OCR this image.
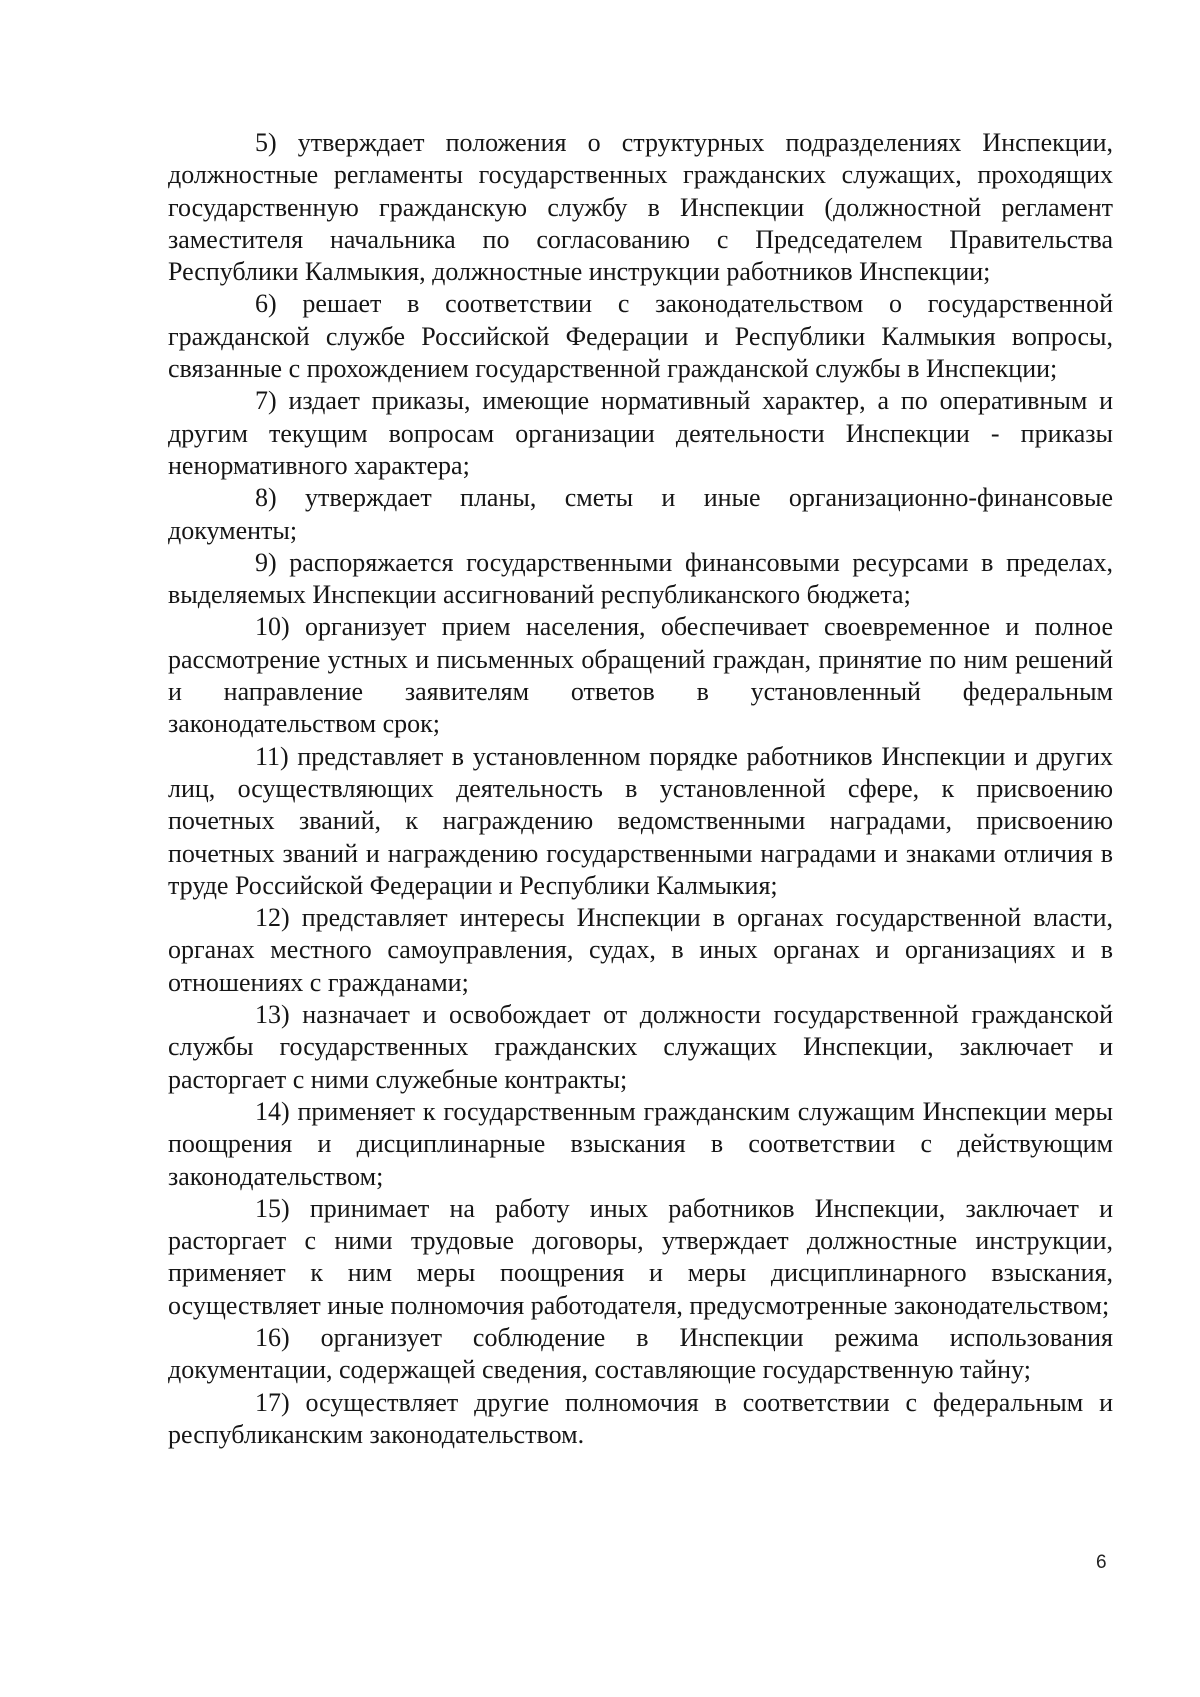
5) утверждает положения о структурных подразделениях Инспекции, должностные регламенты государственных гражданских служащих, проходящих государственную гражданскую службу в Инспекции (должностной регламент заместителя начальника по согласованию с Председателем Правительства Республики Калмыкия, должностные инструкции работников Инспекции;

6) решает в соответствии с законодательством о государственной гражданской службе Российской Федерации и Республики Калмыкия вопросы, связанные с прохождением государственной гражданской службы в Инспекции;

7) издает приказы, имеющие нормативный характер, а по оперативным и другим текущим вопросам организации деятельности Инспекции - приказы ненормативного характера;

8) утверждает планы, сметы и иные организационно-финансовые документы;

9) распоряжается государственными финансовыми ресурсами в пределах, выделяемых Инспекции ассигнований республиканского бюджета;

10) организует прием населения, обеспечивает своевременное и полное рассмотрение устных и письменных обращений граждан, принятие по ним решений и направление заявителям ответов в установленный федеральным законодательством срок;

11) представляет в установленном порядке работников Инспекции и других лиц, осуществляющих деятельность в установленной сфере, к присвоению почетных званий, к награждению ведомственными наградами, присвоению почетных званий и награждению государственными наградами и знаками отличия в труде Российской Федерации и Республики Калмыкия;

12) представляет интересы Инспекции в органах государственной власти, органах местного самоуправления, судах, в иных органах и организациях и в отношениях с гражданами;

13) назначает и освобождает от должности государственной гражданской службы государственных гражданских служащих Инспекции, заключает и расторгает с ними служебные контракты;

14) применяет к государственным гражданским служащим Инспекции меры поощрения и дисциплинарные взыскания в соответствии с действующим законодательством;

15) принимает на работу иных работников Инспекции, заключает и расторгает с ними трудовые договоры, утверждает должностные инструкции, применяет к ним меры поощрения и меры дисциплинарного взыскания, осуществляет иные полномочия работодателя, предусмотренные законодательством;

16) организует соблюдение в Инспекции режима использования документации, содержащей сведения, составляющие государственную тайну;

17) осуществляет другие полномочия в соответствии с федеральным и республиканским законодательством.

6
